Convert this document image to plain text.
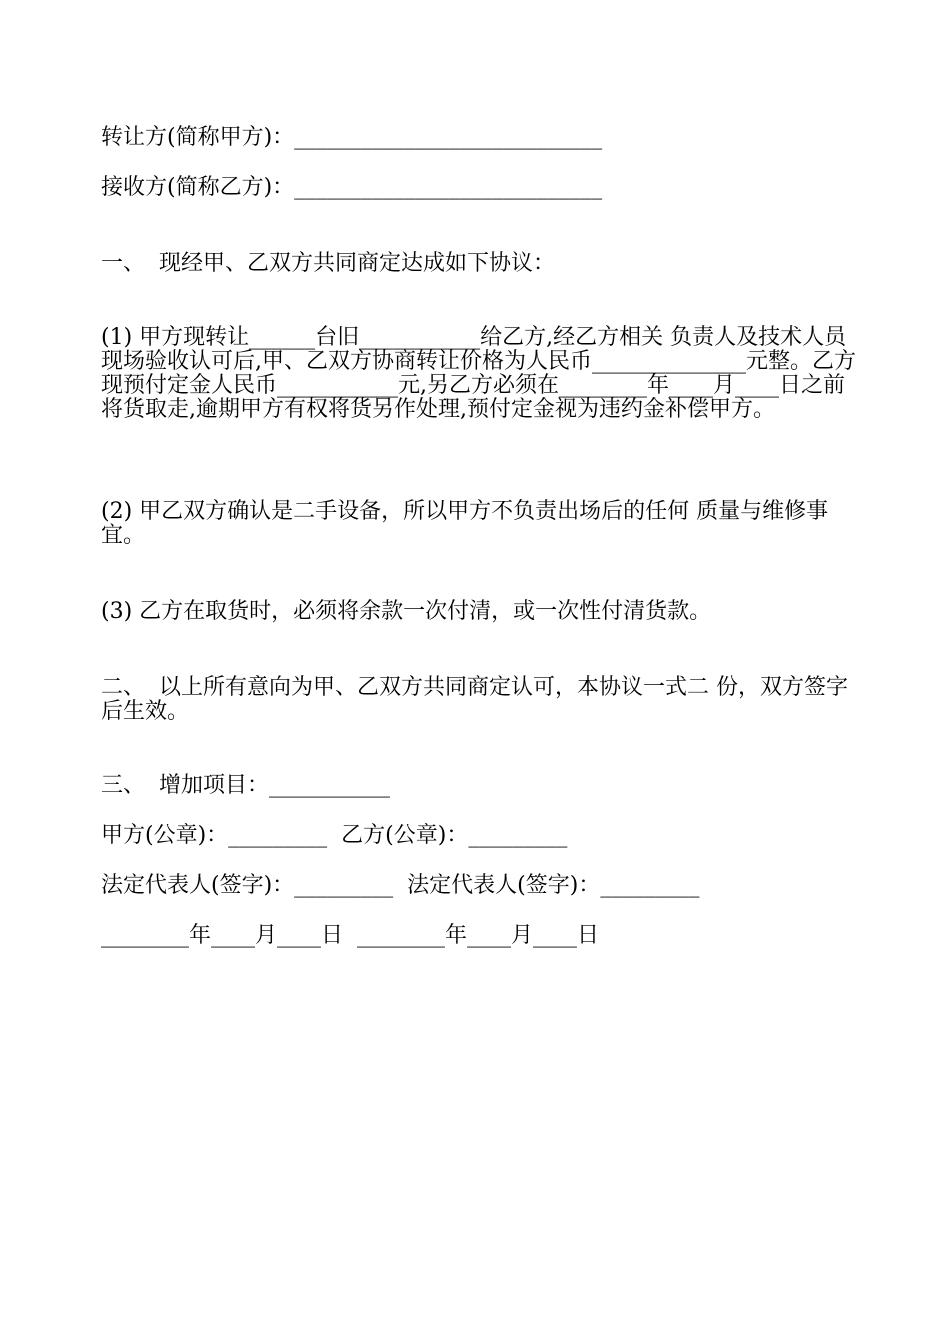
转让方(简称甲方)：____________________________
接收方(简称乙方)：____________________________
一、  现经甲、乙双方共同商定达成如下协议：
(1) 甲方现转让______台旧___________给乙方,经乙方相关 负责人及技术人员现场验收认可后,甲、乙双方协商转让价格为人民币______________元整。乙方现预付定金人民币___________元,另乙方必须在________年____月____日之前将货取走,逾期甲方有权将货另作处理,预付定金视为违约金补偿甲方。
(2) 甲乙双方确认是二手设备，所以甲方不负责出场后的任何 质量与维修事宜。
(3) 乙方在取货时，必须将余款一次付清，或一次性付清货款。
二、  以上所有意向为甲、乙双方共同商定认可，本协议一式二 份，双方签字后生效。
三、  增加项目：___________
甲方(公章)：_________  乙方(公章)：_________
法定代表人(签字)：_________  法定代表人(签字)：_________
________年____月____日  ________年____月____日
